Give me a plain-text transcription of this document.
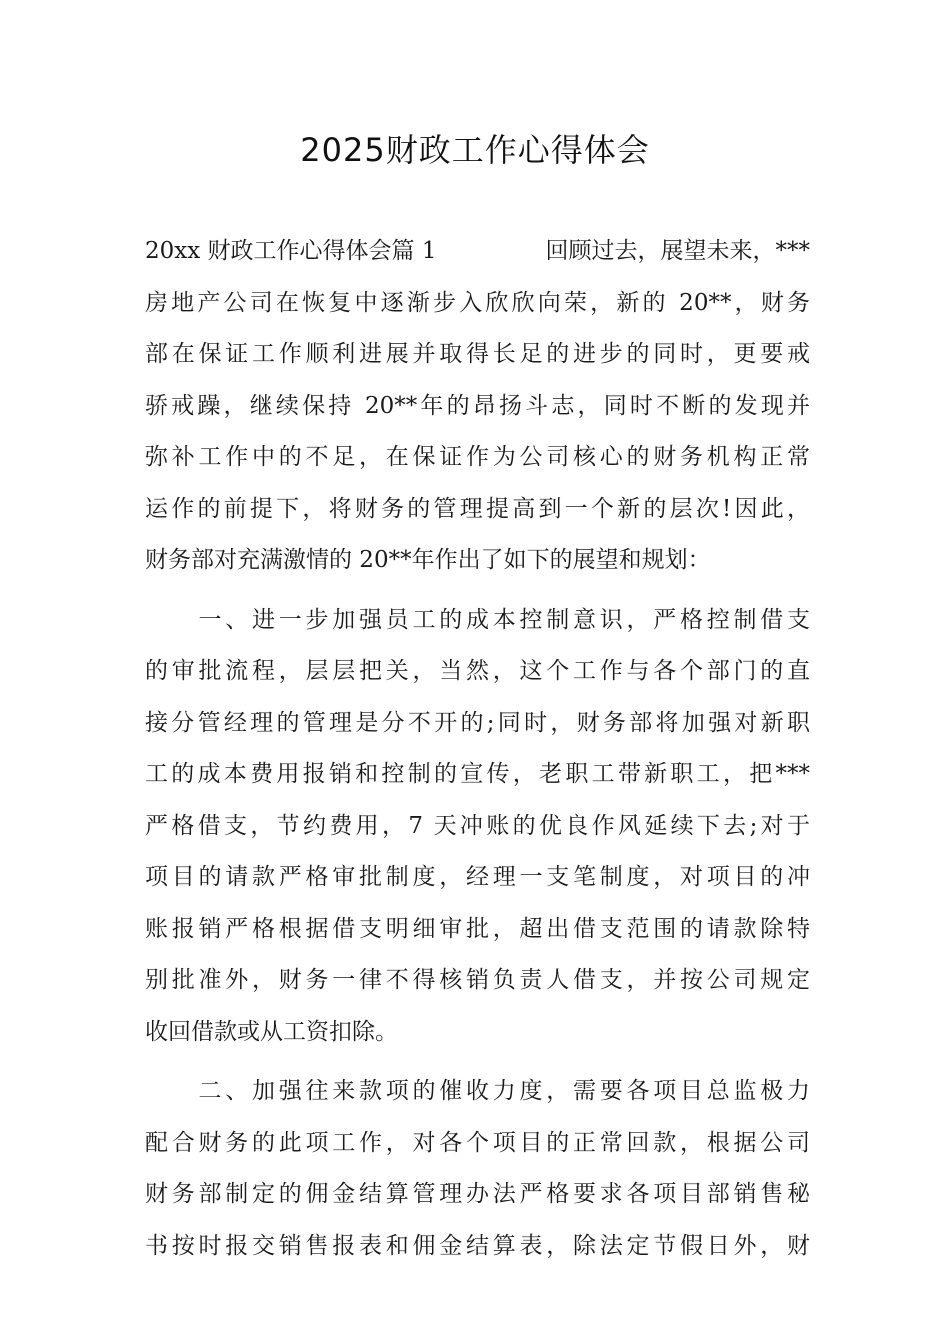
2025财政工作心得体会
20xx 财政工作心得体会篇 1	回顾过去，展望未来，***
房地产公司在恢复中逐渐步入欣欣向荣，新的 20**，财务
部在保证工作顺利进展并取得长足的进步的同时，更要戒
骄戒躁，继续保持 20**年的昂扬斗志，同时不断的发现并
弥补工作中的不足，在保证作为公司核心的财务机构正常
运作的前提下，将财务的管理提高到一个新的层次!因此，
财务部对充满激情的 20**年作出了如下的展望和规划：
　　一、进一步加强员工的成本控制意识，严格控制借支
的审批流程，层层把关，当然，这个工作与各个部门的直
接分管经理的管理是分不开的;同时，财务部将加强对新职
工的成本费用报销和控制的宣传，老职工带新职工，把***
严格借支，节约费用，7 天冲账的优良作风延续下去;对于
项目的请款严格审批制度，经理一支笔制度，对项目的冲
账报销严格根据借支明细审批，超出借支范围的请款除特
别批准外，财务一律不得核销负责人借支，并按公司规定
收回借款或从工资扣除。
　　二、加强往来款项的催收力度，需要各项目总监极力
配合财务的此项工作，对各个项目的正常回款，根据公司
财务部制定的佣金结算管理办法严格要求各项目部销售秘
书按时报交销售报表和佣金结算表，除法定节假日外，财
